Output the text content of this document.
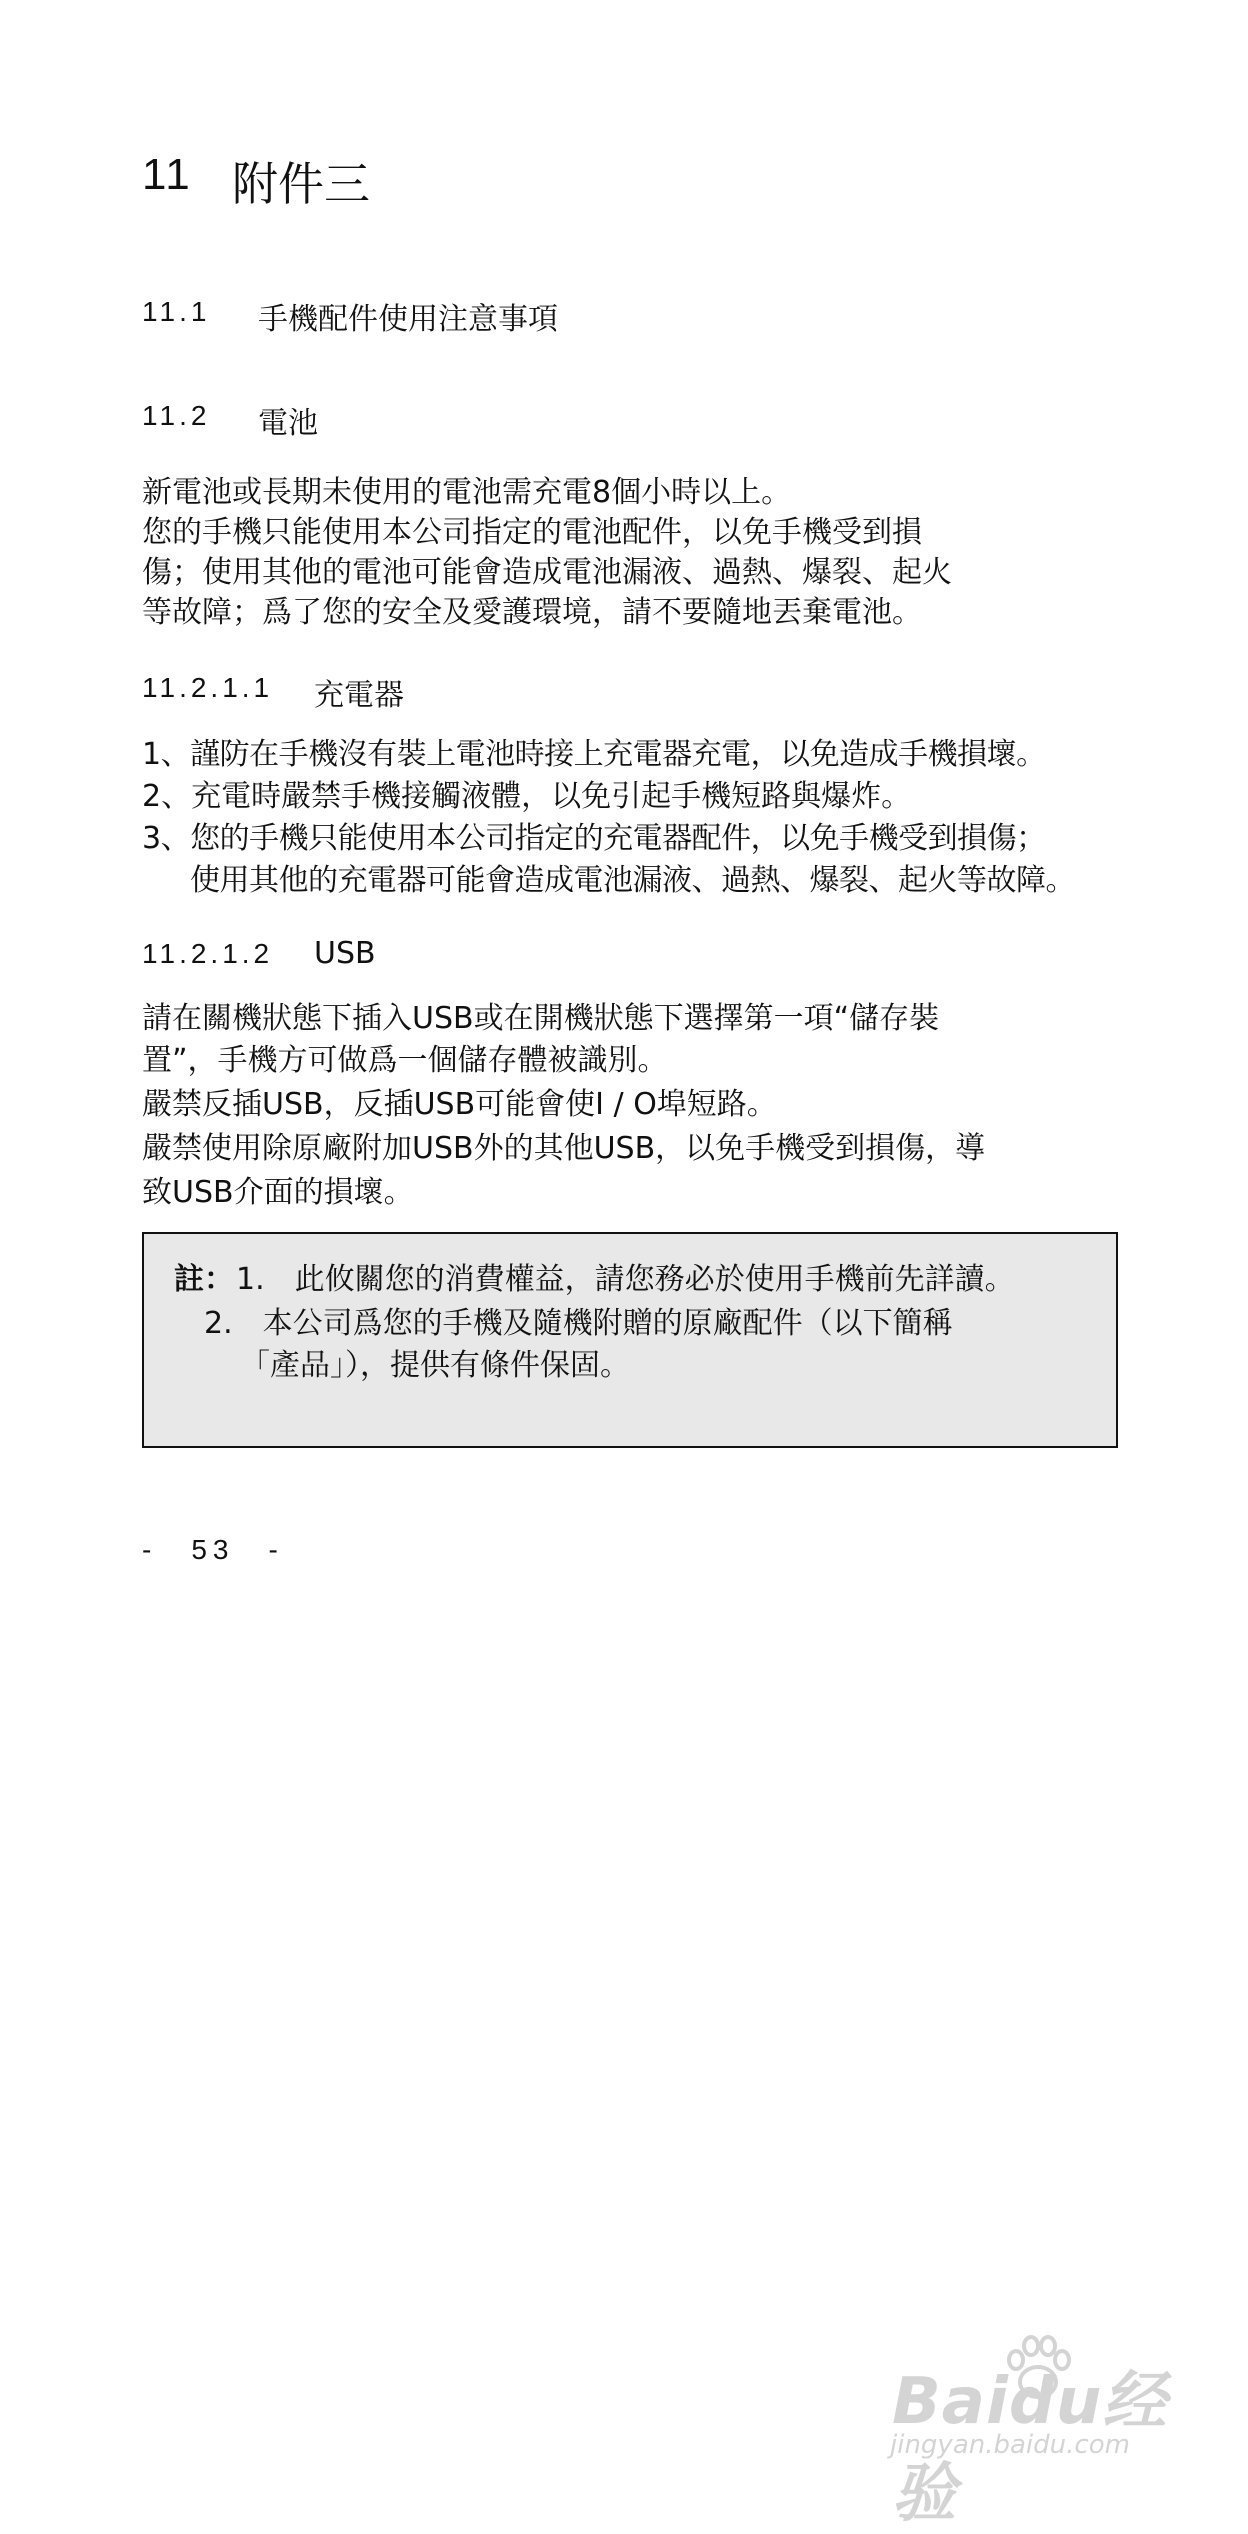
11 附件三
11.1 手機配件使用注意事項
11.2 電池
新電池或長期未使用的電池需充電8個小時以上。
您的手機只能使用本公司指定的電池配件，以免手機受到損
傷；使用其他的電池可能會造成電池漏液、過熱、爆裂、起火
等故障；爲了您的安全及愛護環境，請不要隨地丟棄電池。
11.2.1.1 充電器
1、謹防在手機沒有裝上電池時接上充電器充電，以免造成手機損壞。
2、充電時嚴禁手機接觸液體，以免引起手機短路與爆炸。
3、您的手機只能使用本公司指定的充電器配件，以免手機受到損傷；
使用其他的充電器可能會造成電池漏液、過熱、爆裂、起火等故障。
11.2.1.2 USB
請在關機狀態下插入USB或在開機狀態下選擇第一項“儲存裝
置”，手機方可做爲一個儲存體被識別。
嚴禁反插USB，反插USB可能會使I / O埠短路。
嚴禁使用除原廠附加USB外的其他USB，以免手機受到損傷，導
致USB介面的損壞。
註： 1.　此攸關您的消費權益，請您務必於使用手機前先詳讀。
2.　本公司爲您的手機及隨機附贈的原廠配件（以下簡稱
「產品」），提供有條件保固。
-　53　-
Baidu经验
jingyan.baidu.com
